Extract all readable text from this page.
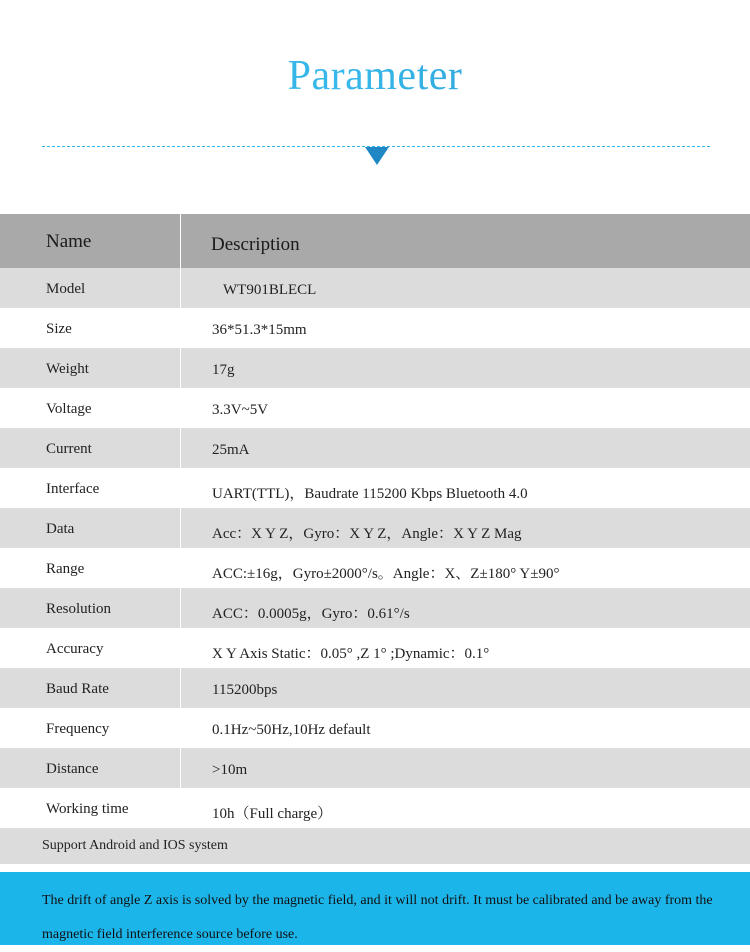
Parameter
Name	Description
Model	WT901BLECL
Size	36*51.3*15mm
Weight	17g
Voltage	3.3V~5V
Current	25mA
Interface	UART(TTL)，Baudrate 115200 Kbps Bluetooth 4.0
Data	Acc：X Y Z，Gyro：X Y Z，Angle：X Y Z Mag
Range	ACC:±16g，Gyro±2000°/s。Angle：X、Z±180° Y±90°
Resolution	ACC：0.0005g，Gyro：0.61°/s
Accuracy	X Y Axis Static：0.05° ,Z 1° ;Dynamic：0.1°
Baud Rate	115200bps
Frequency	0.1Hz~50Hz,10Hz default
Distance	>10m
Working time	10h（Full charge）
Support Android and IOS system
The drift of angle Z axis is solved by the magnetic field, and it will not drift. It must be calibrated and be away from the magnetic field interference source before use.
